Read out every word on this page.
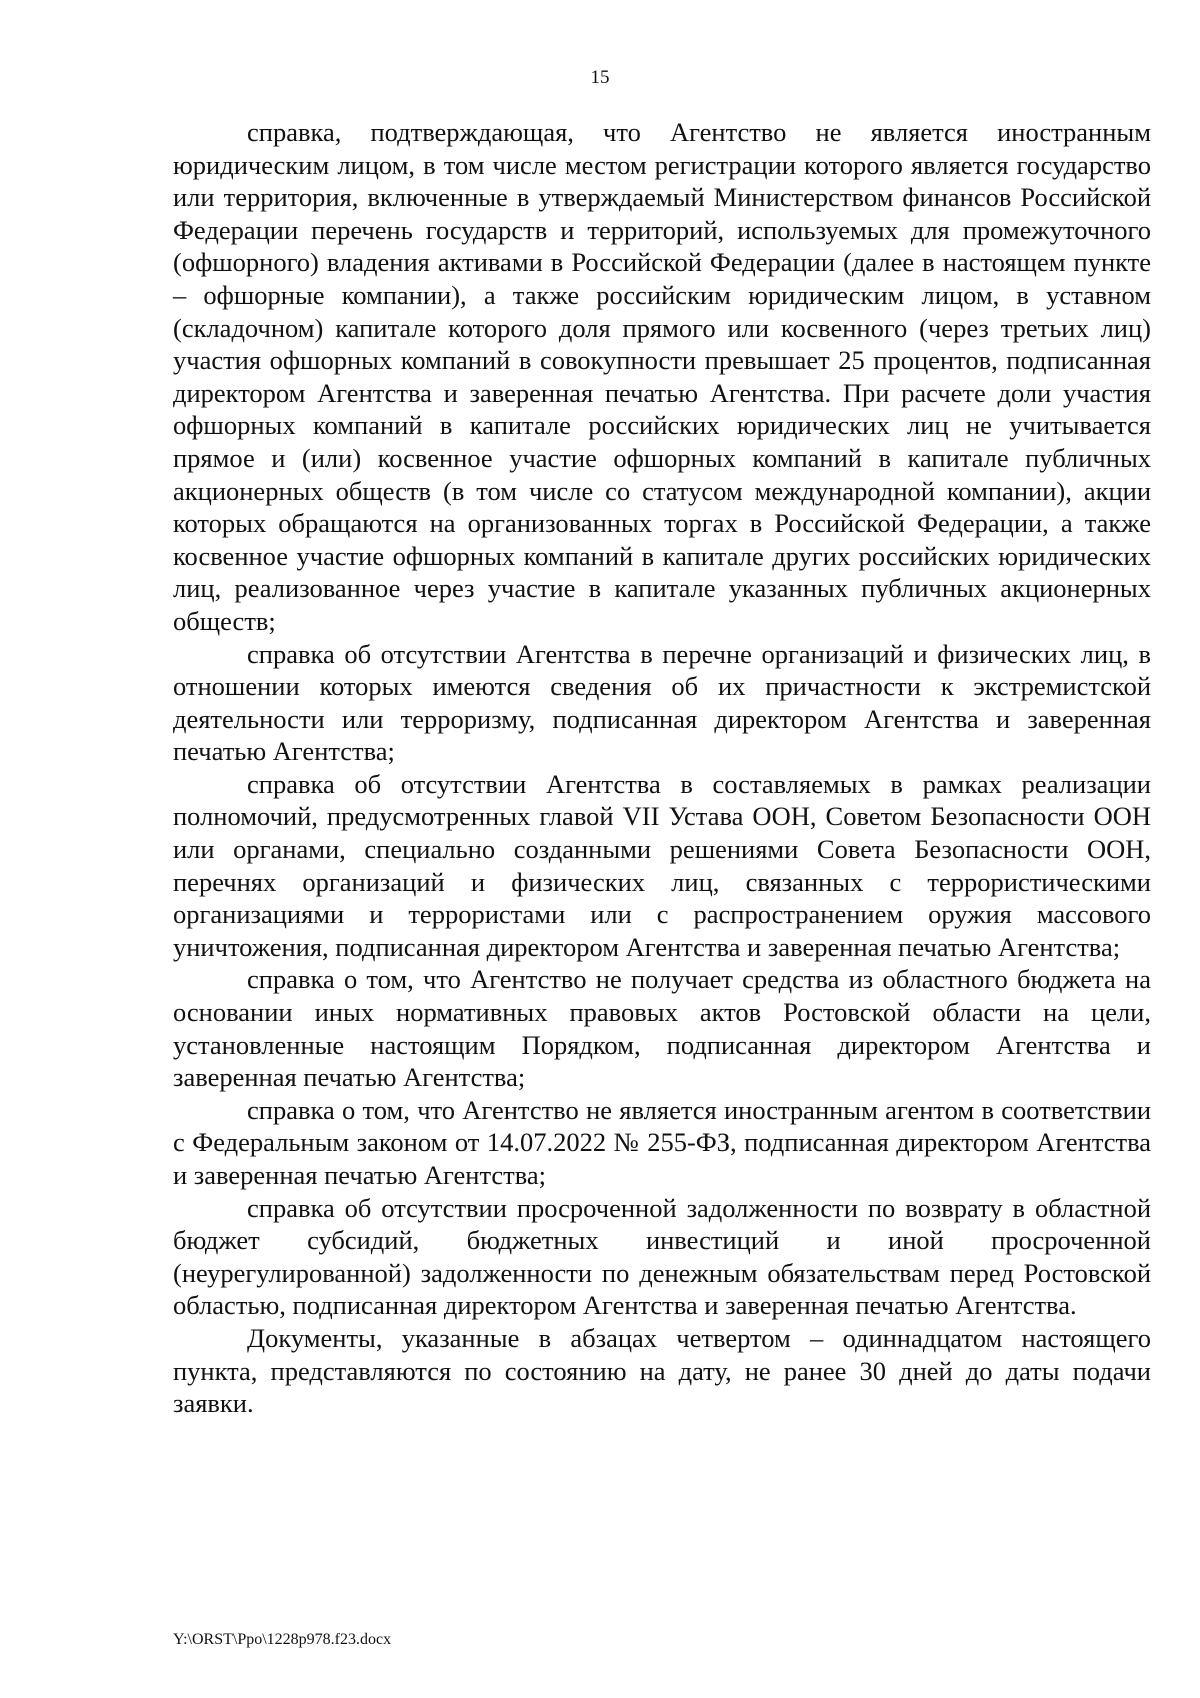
15

справка, подтверждающая, что Агентство не является иностранным юридическим лицом, в том числе местом регистрации которого является государство или территория, включенные в утверждаемый Министерством финансов Российской Федерации перечень государств и территорий, используемых для промежуточного (офшорного) владения активами в Российской Федерации (далее в настоящем пункте – офшорные компании), а также российским юридическим лицом, в уставном (складочном) капитале которого доля прямого или косвенного (через третьих лиц) участия офшорных компаний в совокупности превышает 25 процентов, подписанная директором Агентства и заверенная печатью Агентства. При расчете доли участия офшорных компаний в капитале российских юридических лиц не учитывается прямое и (или) косвенное участие офшорных компаний в капитале публичных акционерных обществ (в том числе со статусом международной компании), акции которых обращаются на организованных торгах в Российской Федерации, а также косвенное участие офшорных компаний в капитале других российских юридических лиц, реализованное через участие в капитале указанных публичных акционерных обществ;

справка об отсутствии Агентства в перечне организаций и физических лиц, в отношении которых имеются сведения об их причастности к экстремистской деятельности или терроризму, подписанная директором Агентства и заверенная печатью Агентства;

справка об отсутствии Агентства в составляемых в рамках реализации полномочий, предусмотренных главой VII Устава ООН, Советом Безопасности ООН или органами, специально созданными решениями Совета Безопасности ООН, перечнях организаций и физических лиц, связанных с террористическими организациями и террористами или с распространением оружия массового уничтожения, подписанная директором Агентства и заверенная печатью Агентства;

справка о том, что Агентство не получает средства из областного бюджета на основании иных нормативных правовых актов Ростовской области на цели, установленные настоящим Порядком, подписанная директором Агентства и заверенная печатью Агентства;

справка о том, что Агентство не является иностранным агентом в соответствии с Федеральным законом от 14.07.2022 № 255-ФЗ, подписанная директором Агентства и заверенная печатью Агентства;

справка об отсутствии просроченной задолженности по возврату в областной бюджет субсидий, бюджетных инвестиций и иной просроченной (неурегулированной) задолженности по денежным обязательствам перед Ростовской областью, подписанная директором Агентства и заверенная печатью Агентства.

Документы, указанные в абзацах четвертом – одиннадцатом настоящего пункта, представляются по состоянию на дату, не ранее 30 дней до даты подачи заявки.

Y:\ORST\Ppo\1228p978.f23.docx
